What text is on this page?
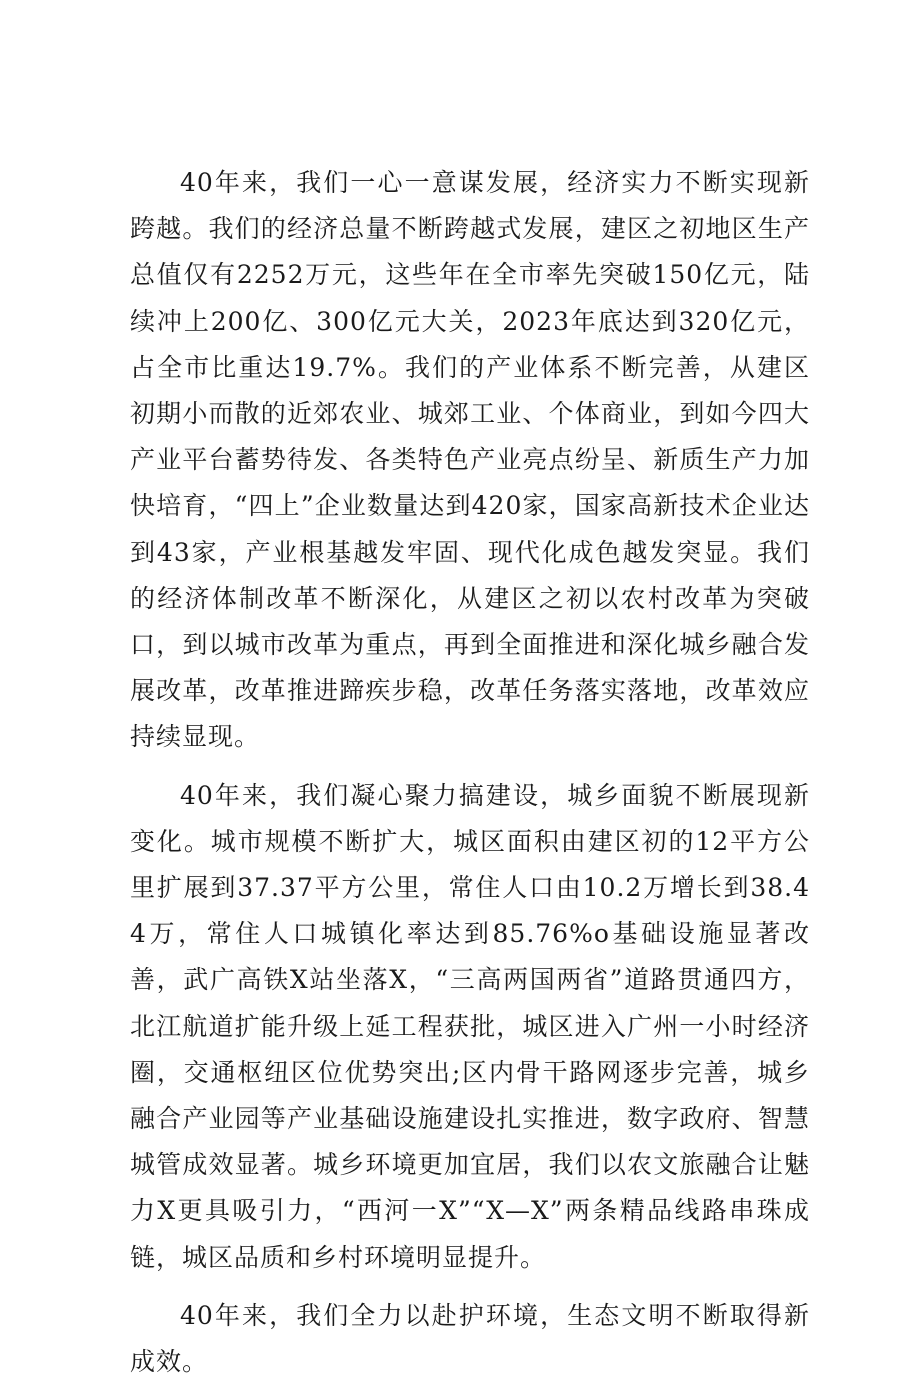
40年来，我们一心一意谋发展，经济实力不断实现新跨越。我们的经济总量不断跨越式发展，建区之初地区生产总值仅有2252万元，这些年在全市率先突破150亿元，陆续冲上200亿、300亿元大关，2023年底达到320亿元，占全市比重达19.7%。我们的产业体系不断完善，从建区初期小而散的近郊农业、城郊工业、个体商业，到如今四大产业平台蓄势待发、各类特色产业亮点纷呈、新质生产力加快培育，“四上”企业数量达到420家，国家高新技术企业达到43家，产业根基越发牢固、现代化成色越发突显。我们的经济体制改革不断深化，从建区之初以农村改革为突破口，到以城市改革为重点，再到全面推进和深化城乡融合发展改革，改革推进蹄疾步稳，改革任务落实落地，改革效应持续显现。

40年来，我们凝心聚力搞建设，城乡面貌不断展现新变化。城市规模不断扩大，城区面积由建区初的12平方公里扩展到37.37平方公里，常住人口由10.2万增长到38.44万，常住人口城镇化率达到85.76%o基础设施显著改善，武广高铁X站坐落X，“三高两国两省”道路贯通四方，北江航道扩能升级上延工程获批，城区进入广州一小时经济圈，交通枢纽区位优势突出;区内骨干路网逐步完善，城乡融合产业园等产业基础设施建设扎实推进，数字政府、智慧城管成效显著。城乡环境更加宜居，我们以农文旅融合让魅力X更具吸引力，“西河一X”“X—X”两条精品线路串珠成链，城区品质和乡村环境明显提升。

40年来，我们全力以赴护环境，生态文明不断取得新成效。
